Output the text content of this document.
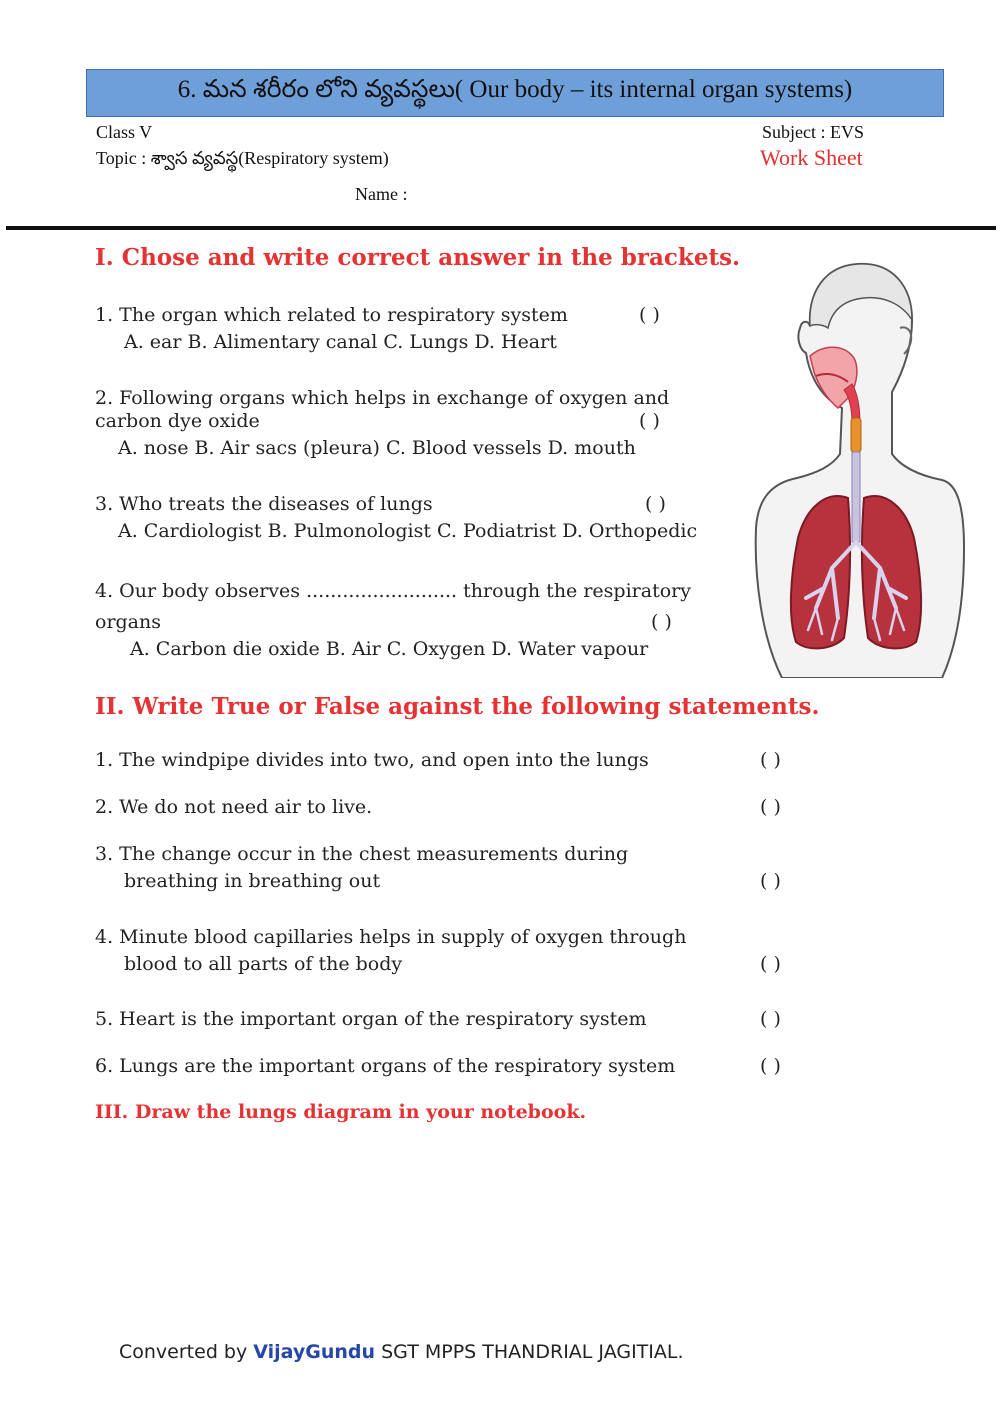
6. మన శరీరం లోని వ్యవస్థలు( Our body – its internal organ systems)
Class V	Subject : EVS
Topic : శ్వాస వ్యవస్థ(Respiratory system)	Work Sheet
Name :
I. Chose and write correct answer in the brackets.
1. The organ which related to respiratory system	( )
A. ear B. Alimentary canal C. Lungs D. Heart
2. Following organs which helps in exchange of oxygen and
carbon dye oxide	( )
A. nose B. Air sacs (pleura) C. Blood vessels D. mouth
3. Who treats the diseases of lungs	( )
A. Cardiologist B. Pulmonologist C. Podiatrist D. Orthopedic
4. Our body observes ......................... through the respiratory
organs	( )
A. Carbon die oxide B. Air C. Oxygen D. Water vapour
II. Write True or False against the following statements.
1. The windpipe divides into two, and open into the lungs	( )
2. We do not need air to live.	( )
3. The change occur in the chest measurements during
breathing in breathing out	( )
4. Minute blood capillaries helps in supply of oxygen through
blood to all parts of the body	( )
5. Heart is the important organ of the respiratory system	( )
6. Lungs are the important organs of the respiratory system	( )
III. Draw the lungs diagram in your notebook.
Converted by VijayGundu SGT MPPS THANDRIAL JAGITIAL.
